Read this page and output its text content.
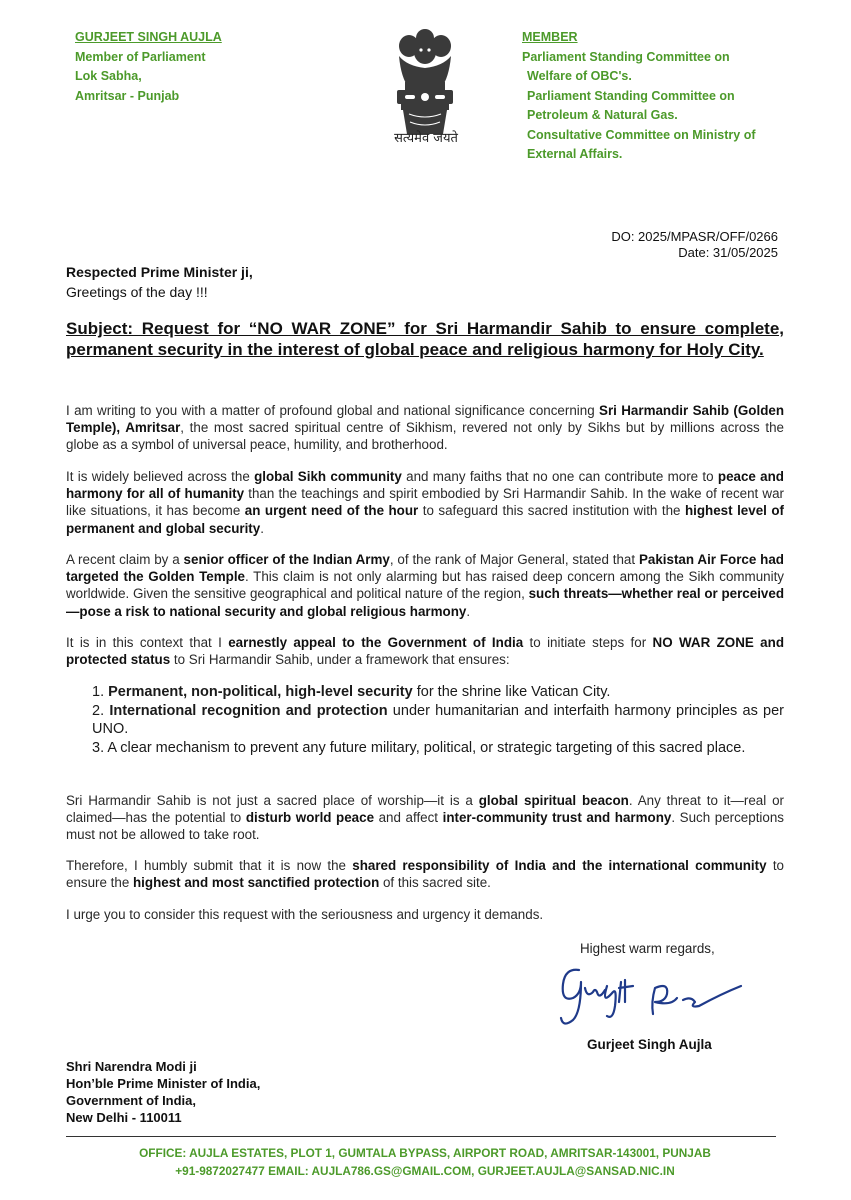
GURJEET SINGH AUJLA
Member of Parliament
Lok Sabha,
Amritsar - Punjab
सत्यमेव जयते
MEMBER
Parliament Standing Committee on
Welfare of OBC's.
Parliament Standing Committee on
Petroleum & Natural Gas.
Consultative Committee on Ministry of
External Affairs.
DO: 2025/MPASR/OFF/0266
Date: 31/05/2025
Respected Prime Minister ji,
Greetings of the day !!!
Subject: Request for “NO WAR ZONE” for Sri Harmandir Sahib to ensure complete, permanent security in the interest of global peace and religious harmony for Holy City.
I am writing to you with a matter of profound global and national significance concerning Sri Harmandir Sahib (Golden Temple), Amritsar, the most sacred spiritual centre of Sikhism, revered not only by Sikhs but by millions across the globe as a symbol of universal peace, humility, and brotherhood.
It is widely believed across the global Sikh community and many faiths that no one can contribute more to peace and harmony for all of humanity than the teachings and spirit embodied by Sri Harmandir Sahib. In the wake of recent war like situations, it has become an urgent need of the hour to safeguard this sacred institution with the highest level of permanent and global security.
A recent claim by a senior officer of the Indian Army, of the rank of Major General, stated that Pakistan Air Force had targeted the Golden Temple. This claim is not only alarming but has raised deep concern among the Sikh community worldwide. Given the sensitive geographical and political nature of the region, such threats—whether real or perceived—pose a risk to national security and global religious harmony.
It is in this context that I earnestly appeal to the Government of India to initiate steps for NO WAR ZONE and protected status to Sri Harmandir Sahib, under a framework that ensures:
1. Permanent, non-political, high-level security for the shrine like Vatican City.
2. International recognition and protection under humanitarian and interfaith harmony principles as per UNO.
3. A clear mechanism to prevent any future military, political, or strategic targeting of this sacred place.
Sri Harmandir Sahib is not just a sacred place of worship—it is a global spiritual beacon. Any threat to it—real or claimed—has the potential to disturb world peace and affect inter-community trust and harmony. Such perceptions must not be allowed to take root.
Therefore, I humbly submit that it is now the shared responsibility of India and the international community to ensure the highest and most sanctified protection of this sacred site.
I urge you to consider this request with the seriousness and urgency it demands.
Highest warm regards,
Gurjeet Singh Aujla
Shri Narendra Modi ji
Hon’ble Prime Minister of India,
Government of India,
New Delhi - 110011
OFFICE: AUJLA ESTATES, PLOT 1, GUMTALA BYPASS, AIRPORT ROAD, AMRITSAR-143001, PUNJAB
+91-9872027477 EMAIL: AUJLA786.GS@GMAIL.COM, GURJEET.AUJLA@SANSAD.NIC.IN
